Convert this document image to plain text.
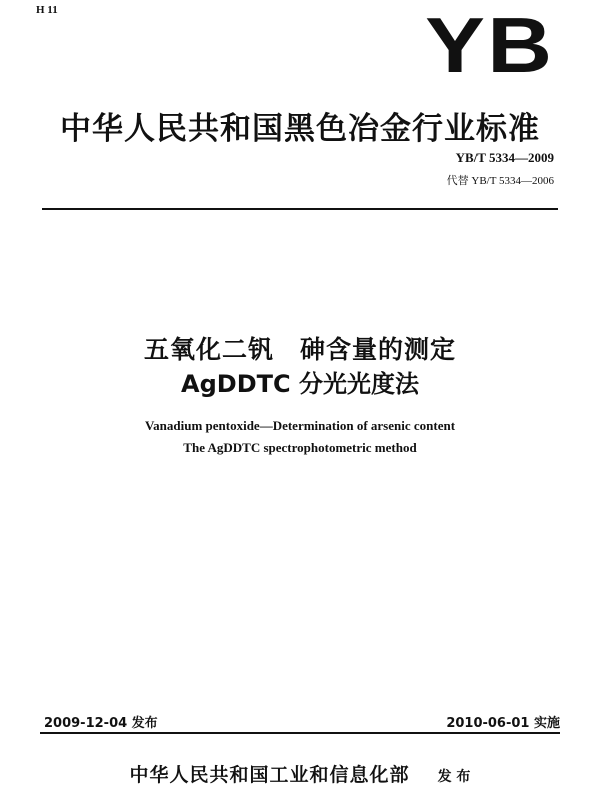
H 11	YB
中华人民共和国黑色冶金行业标准
YB/T 5334—2009
代替 YB/T 5334—2006
五氧化二钒　砷含量的测定
AgDDTC 分光光度法
Vanadium pentoxide—Determination of arsenic content
The AgDDTC spectrophotometric method
2009-12-04 发布	2010-06-01 实施
中华人民共和国工业和信息化部 发 布
